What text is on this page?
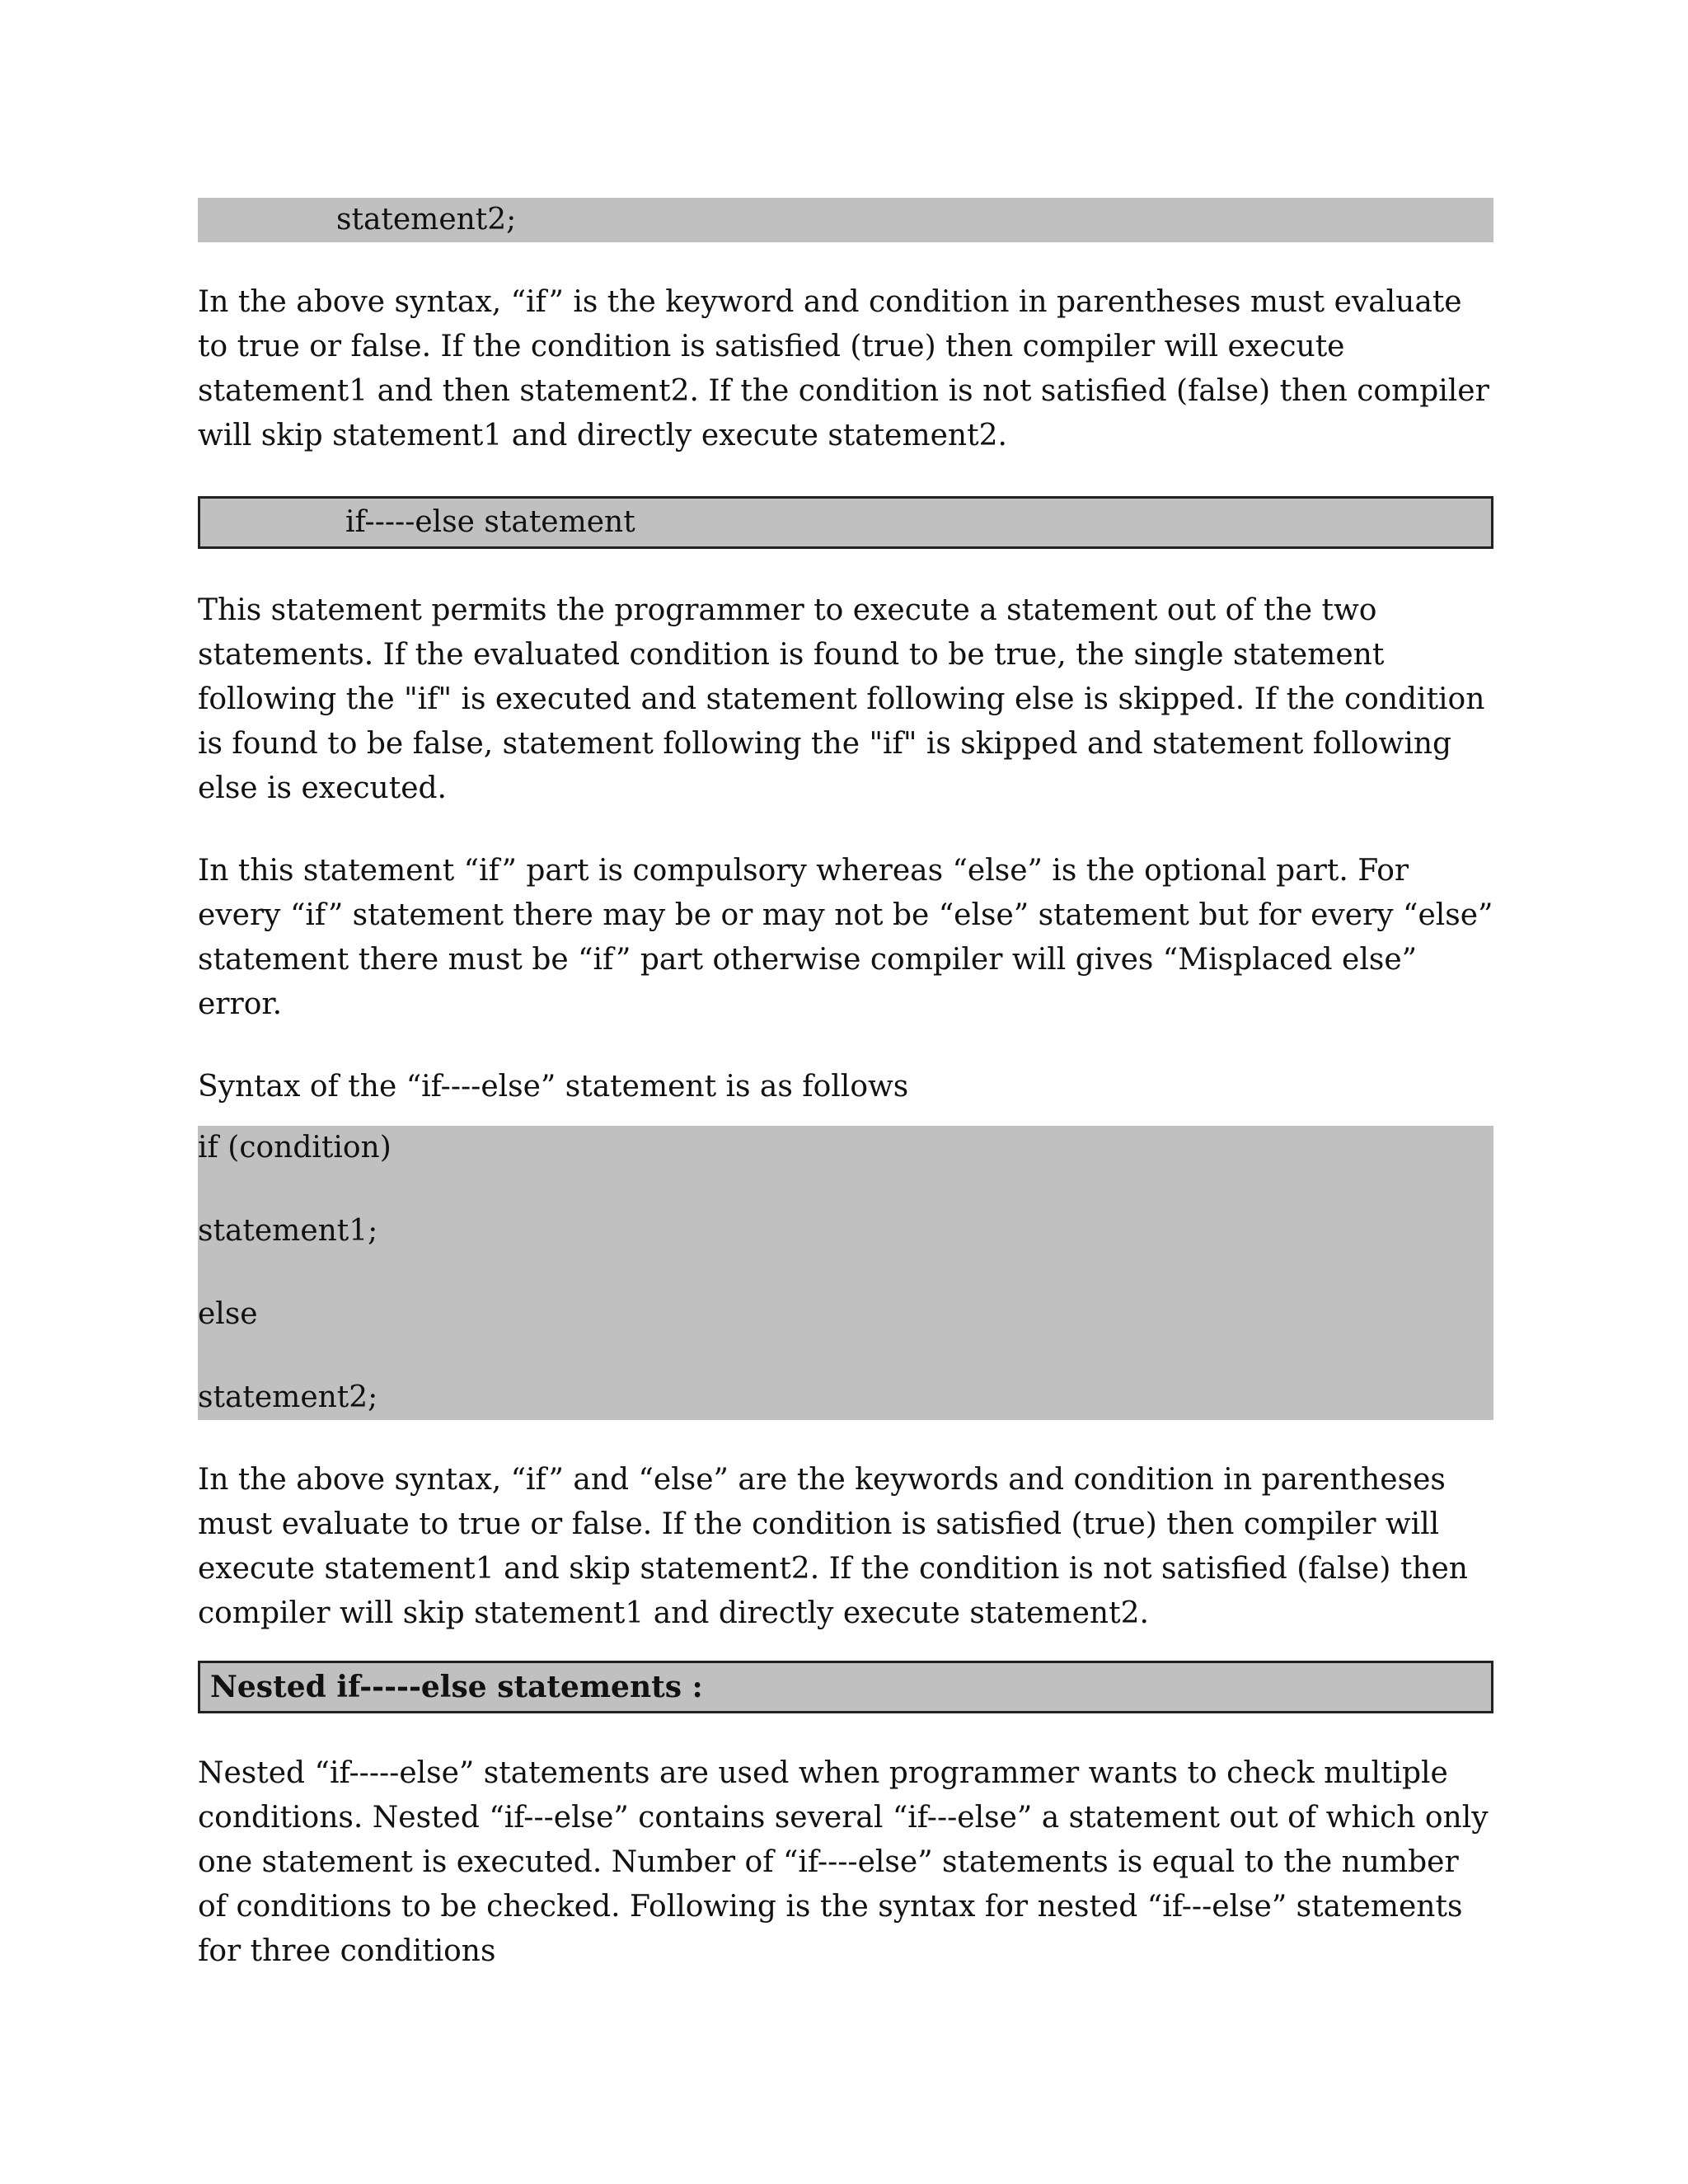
statement2;

In the above syntax, “if” is the keyword and condition in parentheses must evaluate to true or false. If the condition is satisfied (true) then compiler will execute statement1 and then statement2. If the condition is not satisfied (false) then compiler will skip statement1 and directly execute statement2.

if-----else statement

This statement permits the programmer to execute a statement out of the two statements. If the evaluated condition is found to be true, the single statement following the "if" is executed and statement following else is skipped. If the condition is found to be false, statement following the "if" is skipped and statement following else is executed.

In this statement “if” part is compulsory whereas “else” is the optional part. For every “if” statement there may be or may not be “else” statement but for every “else” statement there must be “if” part otherwise compiler will gives “Misplaced else” error.

Syntax of the “if----else” statement is as follows

if (condition)
statement1;
else
statement2;

In the above syntax, “if” and “else” are the keywords and condition in parentheses must evaluate to true or false. If the condition is satisfied (true) then compiler will execute statement1 and skip statement2. If the condition is not satisfied (false) then compiler will skip statement1 and directly execute statement2.

Nested if-----else statements :

Nested “if-----else” statements are used when programmer wants to check multiple conditions. Nested “if---else” contains several “if---else” a statement out of which only one statement is executed. Number of “if----else” statements is equal to the number of conditions to be checked. Following is the syntax for nested “if---else” statements for three conditions
